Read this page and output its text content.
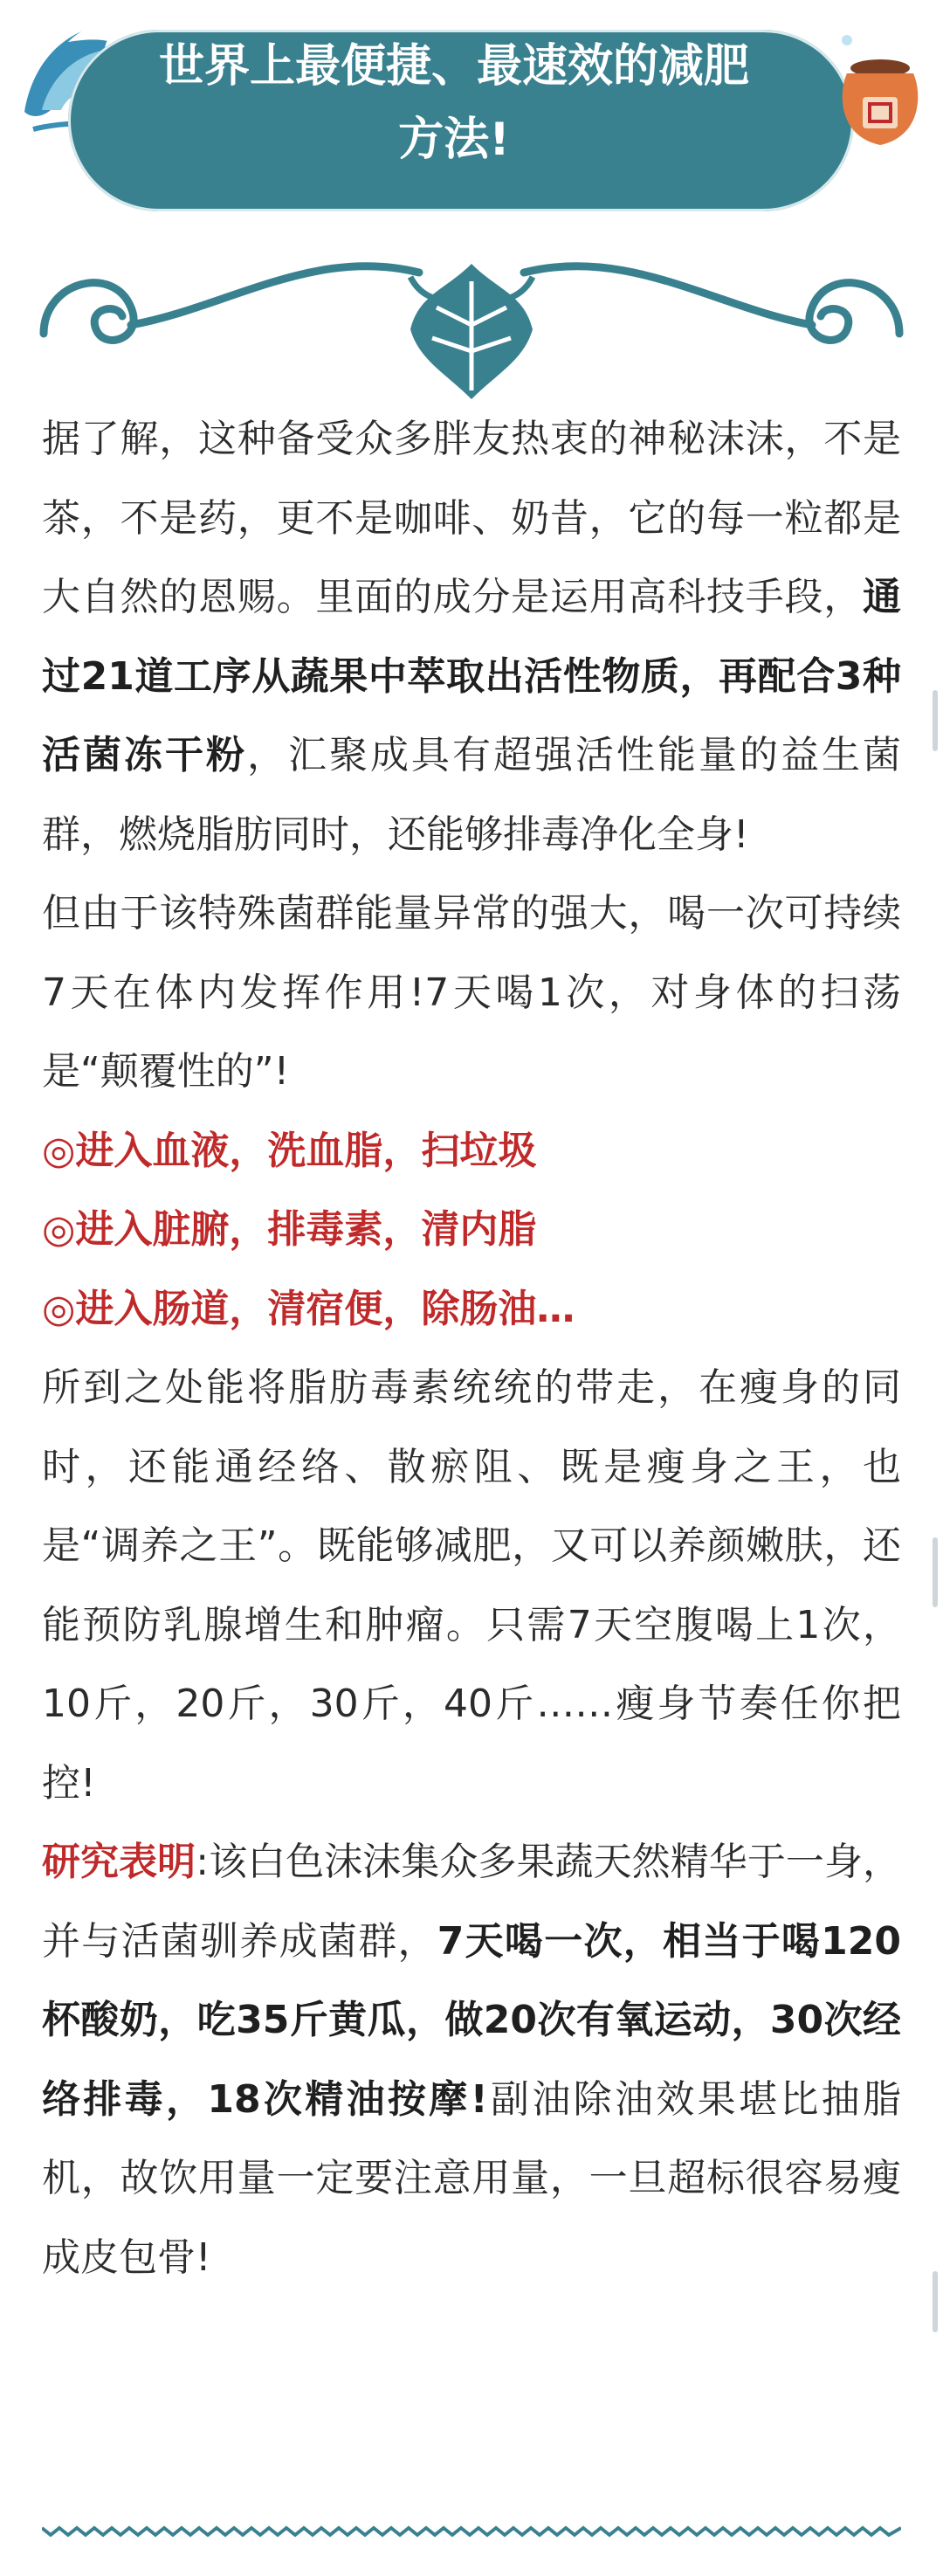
世界上最便捷、最速效的减肥
方法!

据了解，这种备受众多胖友热衷的神秘沫沫，不是茶，不是药，更不是咖啡、奶昔，它的每一粒都是大自然的恩赐。里面的成分是运用高科技手段，通过21道工序从蔬果中萃取出活性物质，再配合3种活菌冻干粉，汇聚成具有超强活性能量的益生菌群，燃烧脂肪同时，还能够排毒净化全身!

但由于该特殊菌群能量异常的强大，喝一次可持续7天在体内发挥作用!7天喝1次，对身体的扫荡是“颠覆性的”!

◎进入血液，洗血脂，扫垃圾

◎进入脏腑，排毒素，清内脂

◎进入肠道，清宿便，除肠油…

所到之处能将脂肪毒素统统的带走，在瘦身的同时，还能通经络、散瘀阻、既是瘦身之王，也是“调养之王”。既能够减肥，又可以养颜嫩肤，还能预防乳腺增生和肿瘤。只需7天空腹喝上1次，10斤，20斤，30斤，40斤……瘦身节奏任你把控!

研究表明:该白色沫沫集众多果蔬天然精华于一身，并与活菌驯养成菌群，7天喝一次，相当于喝120杯酸奶，吃35斤黄瓜，做20次有氧运动，30次经络排毒，18次精油按摩!副油除油效果堪比抽脂机，故饮用量一定要注意用量，一旦超标很容易瘦成皮包骨!
